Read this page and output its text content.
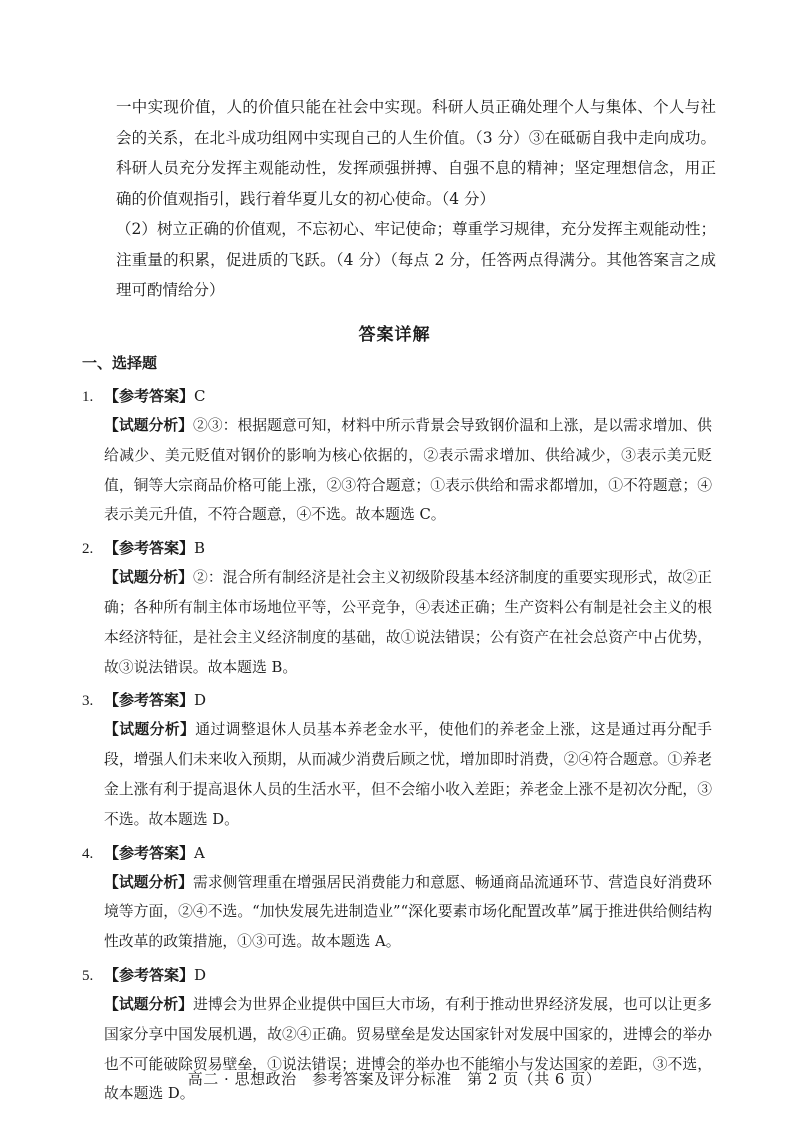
一中实现价值，人的价值只能在社会中实现。科研人员正确处理个人与集体、个人与社会的关系，在北斗成功组网中实现自己的人生价值。（3 分）③在砥砺自我中走向成功。科研人员充分发挥主观能动性，发挥顽强拼搏、自强不息的精神；坚定理想信念，用正确的价值观指引，践行着华夏儿女的初心使命。（4 分）

（2）树立正确的价值观，不忘初心、牢记使命；尊重学习规律，充分发挥主观能动性；注重量的积累，促进质的飞跃。（4 分）（每点 2 分，任答两点得满分。其他答案言之成理可酌情给分）

答案详解
一、选择题
1. 【参考答案】C
【试题分析】②③：根据题意可知，材料中所示背景会导致钢价温和上涨，是以需求增加、供给减少、美元贬值对钢价的影响为核心依据的，②表示需求增加、供给减少，③表示美元贬值，铜等大宗商品价格可能上涨，②③符合题意；①表示供给和需求都增加，①不符题意；④表示美元升值，不符合题意，④不选。故本题选 C。
2. 【参考答案】B
【试题分析】②：混合所有制经济是社会主义初级阶段基本经济制度的重要实现形式，故②正确；各种所有制主体市场地位平等，公平竞争，④表述正确；生产资料公有制是社会主义的根本经济特征，是社会主义经济制度的基础，故①说法错误；公有资产在社会总资产中占优势，故③说法错误。故本题选 B。
3. 【参考答案】D
【试题分析】通过调整退休人员基本养老金水平，使他们的养老金上涨，这是通过再分配手段，增强人们未来收入预期，从而减少消费后顾之忧，增加即时消费，②④符合题意。①养老金上涨有利于提高退休人员的生活水平，但不会缩小收入差距；养老金上涨不是初次分配，③不选。故本题选 D。
4. 【参考答案】A
【试题分析】需求侧管理重在增强居民消费能力和意愿、畅通商品流通环节、营造良好消费环境等方面，②④不选。“加快发展先进制造业”“深化要素市场化配置改革”属于推进供给侧结构性改革的政策措施，①③可选。故本题选 A。
5. 【参考答案】D
【试题分析】进博会为世界企业提供中国巨大市场，有利于推动世界经济发展，也可以让更多国家分享中国发展机遇，故②④正确。贸易壁垒是发达国家针对发展中国家的，进博会的举办也不可能破除贸易壁垒，①说法错误；进博会的举办也不能缩小与发达国家的差距，③不选，故本题选 D。
高二 · 思想政治　参考答案及评分标准　第 2 页（共 6 页）
